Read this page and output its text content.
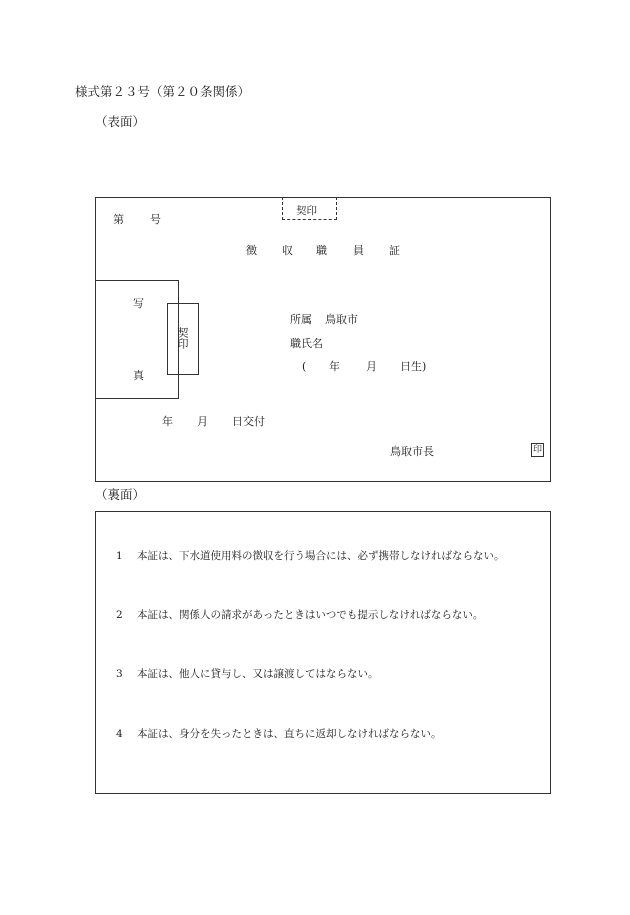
様式第２３号（第２０条関係）
（表面）
契印
第 号
徴 収 職 員 証
写
真
契印
所属 鳥取市
職氏名
( 年 月 日生)
年 月 日交付
鳥取市長	印
（裏面）
1 本証は、下水道使用料の徴収を行う場合には、必ず携帯しなければならない。
2 本証は、関係人の請求があったときはいつでも提示しなければならない。
3 本証は、他人に貸与し、又は譲渡してはならない。
4 本証は、身分を失ったときは、直ちに返却しなければならない。
